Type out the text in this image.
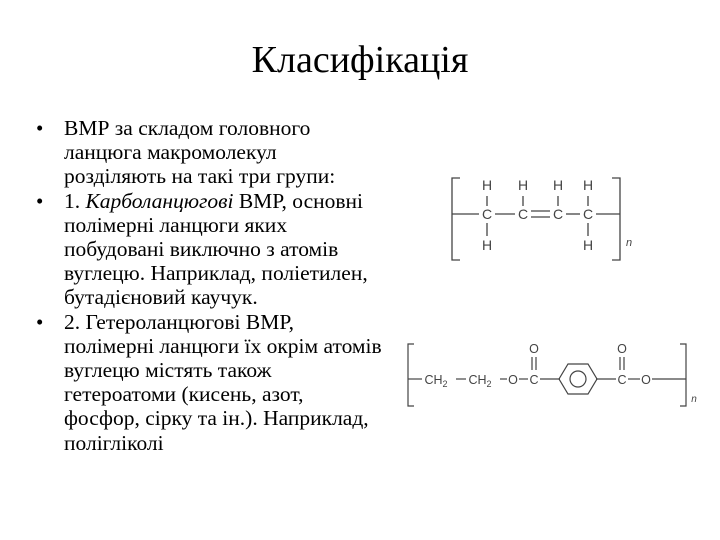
Класифікація
• ВМР за складом головного ланцюга макромолекул розділяють на такі три групи:
• 1. Карболанцюгові ВМР, основні полімерні ланцюги яких побудовані виключно з атомів вуглецю. Наприклад, поліетилен, бутадієновий каучук.
• 2. Гетероланцюгові ВМР, полімерні ланцюги їх окрім атомів вуглецю містять також гетероатоми (кисень, азот, фосфор, сірку та ін.). Наприклад, полігліколі
H H H H
C C C C
H	H	n
O	O
$CH_2$ $CH_2$ O C	C O
n
